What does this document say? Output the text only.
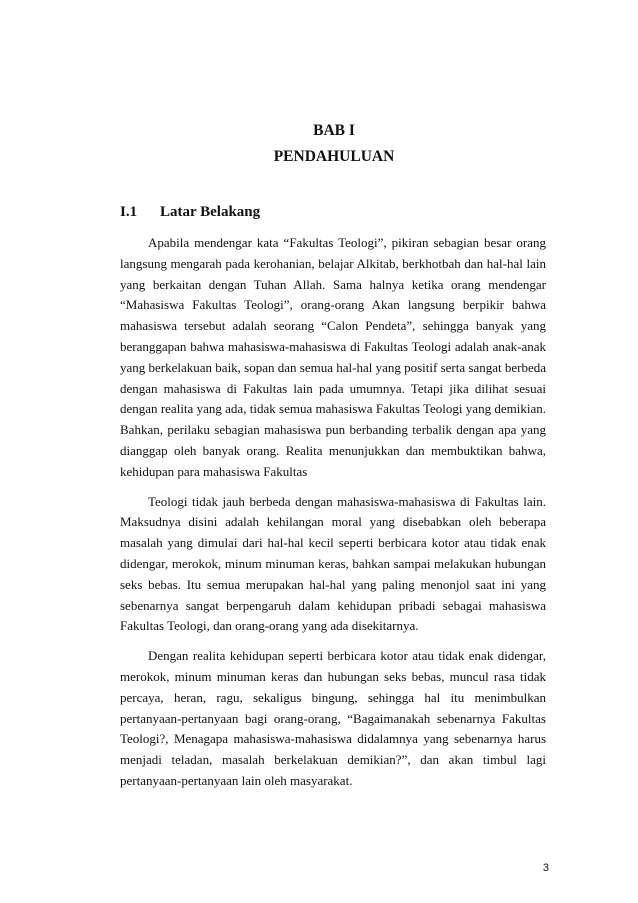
BAB I
PENDAHULUAN
I.1 Latar Belakang

Apabila mendengar kata “Fakultas Teologi”, pikiran sebagian besar orang langsung mengarah pada kerohanian, belajar Alkitab, berkhotbah dan hal-hal lain yang berkaitan dengan Tuhan Allah. Sama halnya ketika orang mendengar “Mahasiswa Fakultas Teologi”, orang-orang Akan langsung berpikir bahwa mahasiswa tersebut adalah seorang “Calon Pendeta”, sehingga banyak yang beranggapan bahwa mahasiswa-mahasiswa di Fakultas Teologi adalah anak-anak yang berkelakuan baik, sopan dan semua hal-hal yang positif serta sangat berbeda dengan mahasiswa di Fakultas lain pada umumnya. Tetapi jika dilihat sesuai dengan realita yang ada, tidak semua mahasiswa Fakultas Teologi yang demikian. Bahkan, perilaku sebagian mahasiswa pun berbanding terbalik dengan apa yang dianggap oleh banyak orang. Realita menunjukkan dan membuktikan bahwa, kehidupan para mahasiswa Fakultas

Teologi tidak jauh berbeda dengan mahasiswa-mahasiswa di Fakultas lain. Maksudnya disini adalah kehilangan moral yang disebabkan oleh beberapa masalah yang dimulai dari hal-hal kecil seperti berbicara kotor atau tidak enak didengar, merokok, minum minuman keras, bahkan sampai melakukan hubungan seks bebas. Itu semua merupakan hal-hal yang paling menonjol saat ini yang sebenarnya sangat berpengaruh dalam kehidupan pribadi sebagai mahasiswa Fakultas Teologi, dan orang-orang yang ada disekitarnya.

Dengan realita kehidupan seperti berbicara kotor atau tidak enak didengar, merokok, minum minuman keras dan hubungan seks bebas, muncul rasa tidak percaya, heran, ragu, sekaligus bingung, sehingga hal itu menimbulkan pertanyaan-pertanyaan bagi orang-orang, “Bagaimanakah sebenarnya Fakultas Teologi?, Menagapa mahasiswa-mahasiswa didalamnya yang sebenarnya harus menjadi teladan, masalah berkelakuan demikian?”, dan akan timbul lagi pertanyaan-pertanyaan lain oleh masyarakat.

3
